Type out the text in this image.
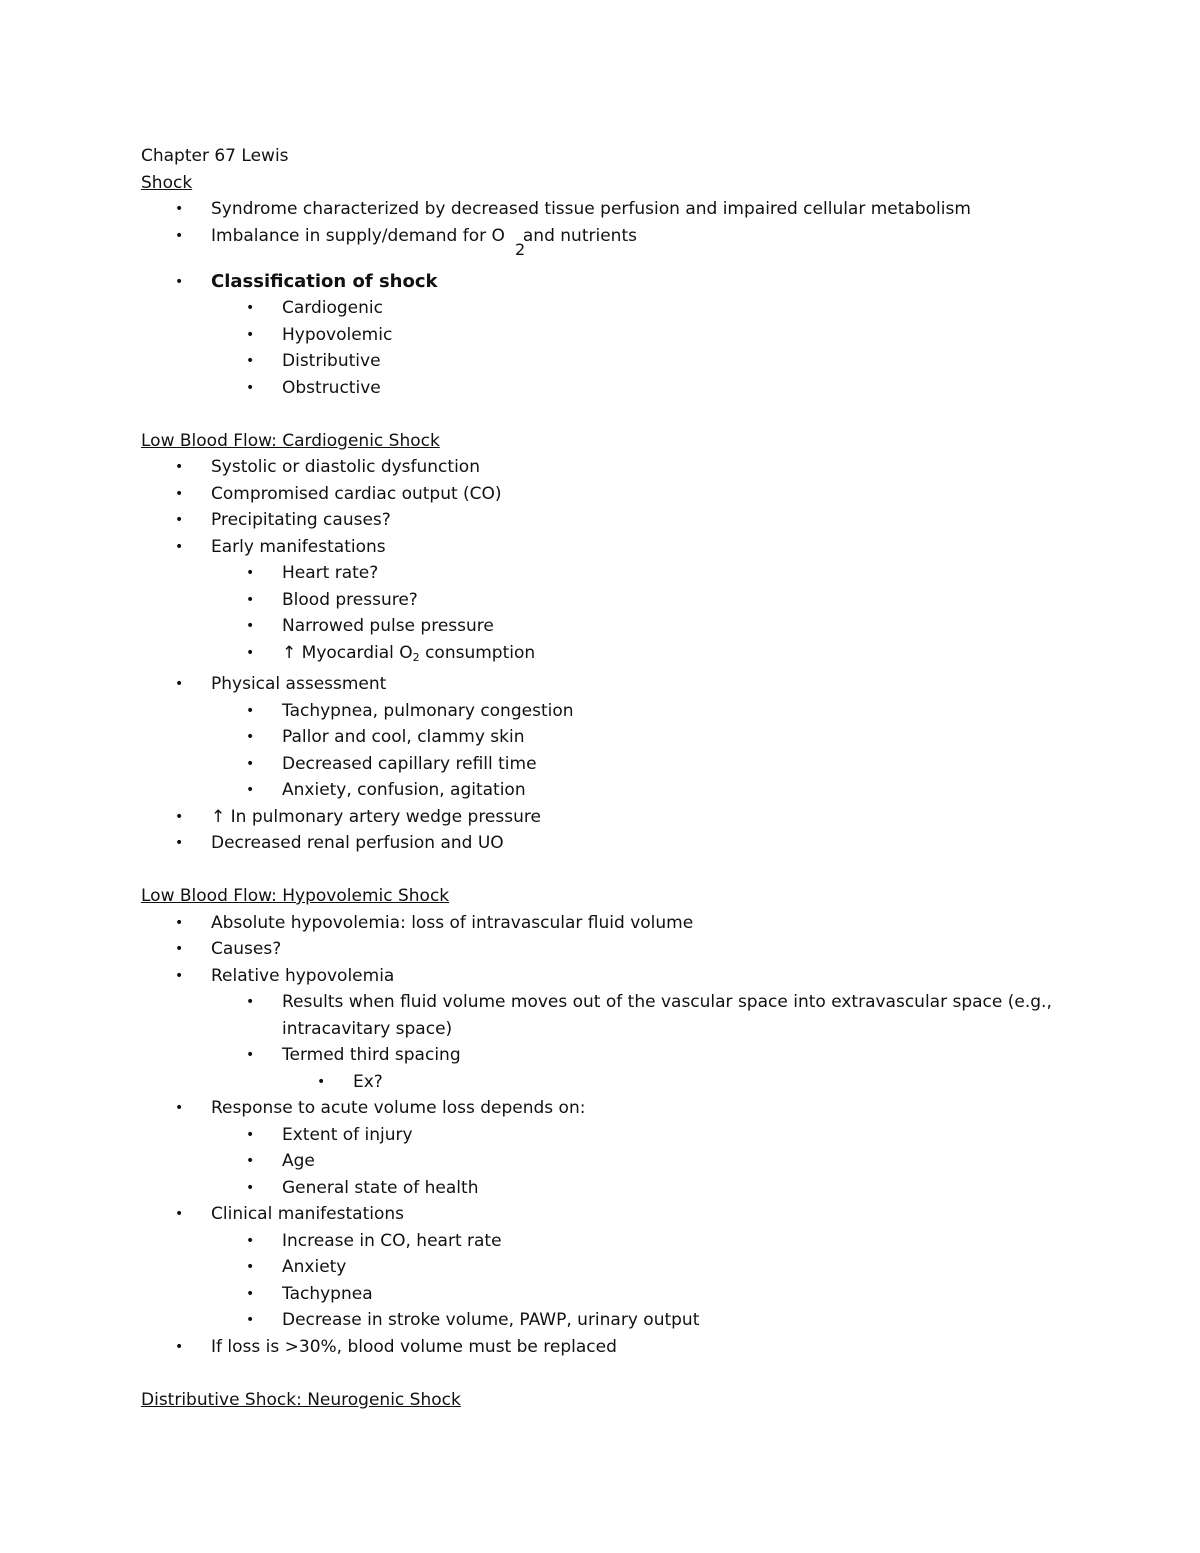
Chapter 67 Lewis
Shock
• Syndrome characterized by decreased tissue perfusion and impaired cellular metabolism
• Imbalance in supply/demand for O and nutrients
2
• Classification of shock
• Cardiogenic
• Hypovolemic
• Distributive
• Obstructive
Low Blood Flow: Cardiogenic Shock
• Systolic or diastolic dysfunction
• Compromised cardiac output (CO)
• Precipitating causes?
• Early manifestations
• Heart rate?
• Blood pressure?
• Narrowed pulse pressure
• ↑ Myocardial $O_2$ consumption
• Physical assessment
• Tachypnea, pulmonary congestion
• Pallor and cool, clammy skin
• Decreased capillary refill time
• Anxiety, confusion, agitation
• ↑ In pulmonary artery wedge pressure
• Decreased renal perfusion and UO
Low Blood Flow: Hypovolemic Shock
• Absolute hypovolemia: loss of intravascular fluid volume
• Causes?
• Relative hypovolemia
• Results when fluid volume moves out of the vascular space into extravascular space (e.g., intracavitary space)
• Termed third spacing
• Ex?
• Response to acute volume loss depends on:
• Extent of injury
• Age
• General state of health
• Clinical manifestations
• Increase in CO, heart rate
• Anxiety
• Tachypnea
• Decrease in stroke volume, PAWP, urinary output
• If loss is >30%, blood volume must be replaced
Distributive Shock: Neurogenic Shock
